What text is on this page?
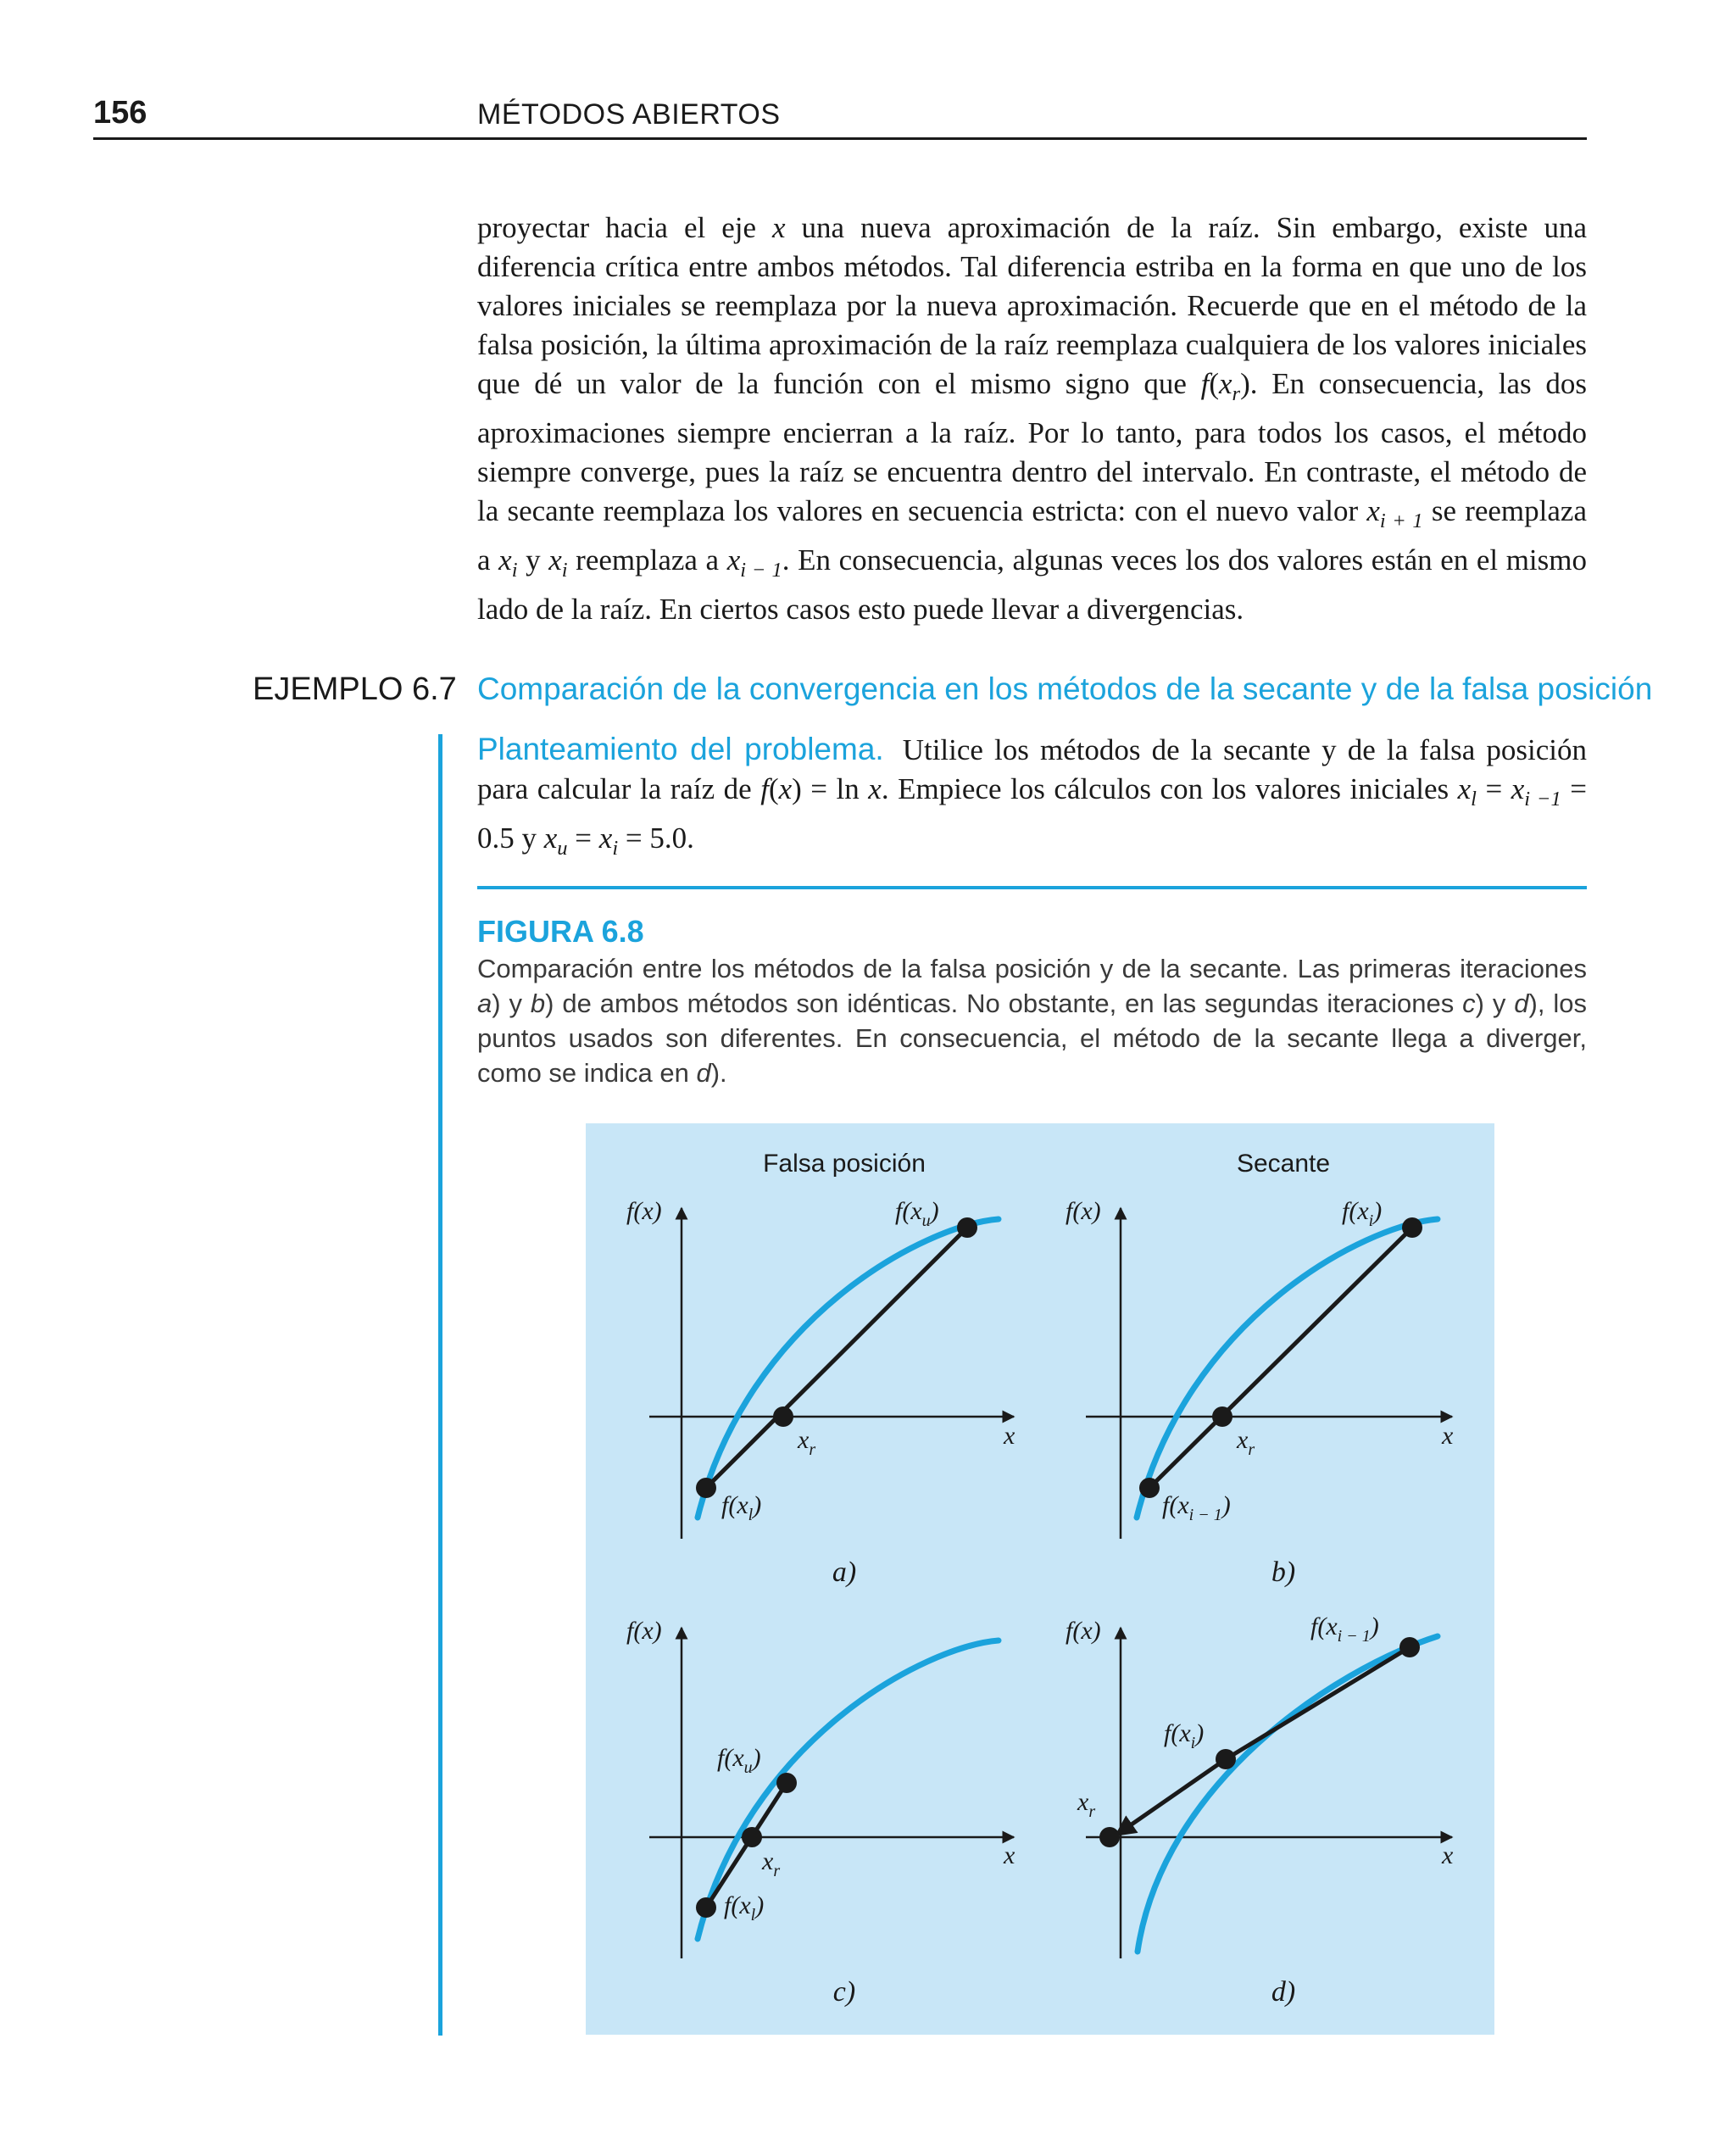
156	MÉTODOS ABIERTOS

proyectar hacia el eje x una nueva aproximación de la raíz. Sin embargo, existe una diferencia crítica entre ambos métodos. Tal diferencia estriba en la forma en que uno de los valores iniciales se reemplaza por la nueva aproximación. Recuerde que en el método de la falsa posición, la última aproximación de la raíz reemplaza cualquiera de los valores iniciales que dé un valor de la función con el mismo signo que $f(x_r)$. En consecuencia, las dos aproximaciones siempre encierran a la raíz. Por lo tanto, para todos los casos, el método siempre converge, pues la raíz se encuentra dentro del intervalo. En contraste, el método de la secante reemplaza los valores en secuencia estricta: con el nuevo valor $x_{i + 1}$ se reemplaza a $x_i$ y $x_i$ reemplaza a $x_{i - 1}$. En consecuencia, algunas veces los dos valores están en el mismo lado de la raíz. En ciertos casos esto puede llevar a divergencias.

EJEMPLO 6.7 Comparación de la convergencia en los métodos de la secante y de la falsa posición

Planteamiento del problema. Utilice los métodos de la secante y de la falsa posición para calcular la raíz de f(x) = ln x. Empiece los cálculos con los valores iniciales $x_l = x_{i -1} = 0.5$ y $x_u = x_i = 5.0$.

FIGURA 6.8

Comparación entre los métodos de la falsa posición y de la secante. Las primeras iteraciones a) y b) de ambos métodos son idénticas. No obstante, en las segundas iteraciones c) y d), los puntos usados son diferentes. En consecuencia, el método de la secante llega a diverger, como se indica en d).

Falsa posición	Secante
f(x)
x
$f(x_u)$
$x_r$
$f(x_l)$
a)
f(x)
x
$f(x_i)$
$x_r$
$f(x_{i - 1})$
b)
f(x)
x
$f(x_u)$
$x_r$
$f(x_l)$
c)
f(x)
x
$f(x_{i - 1})$
$f(x_i)$
$x_r$
d)
